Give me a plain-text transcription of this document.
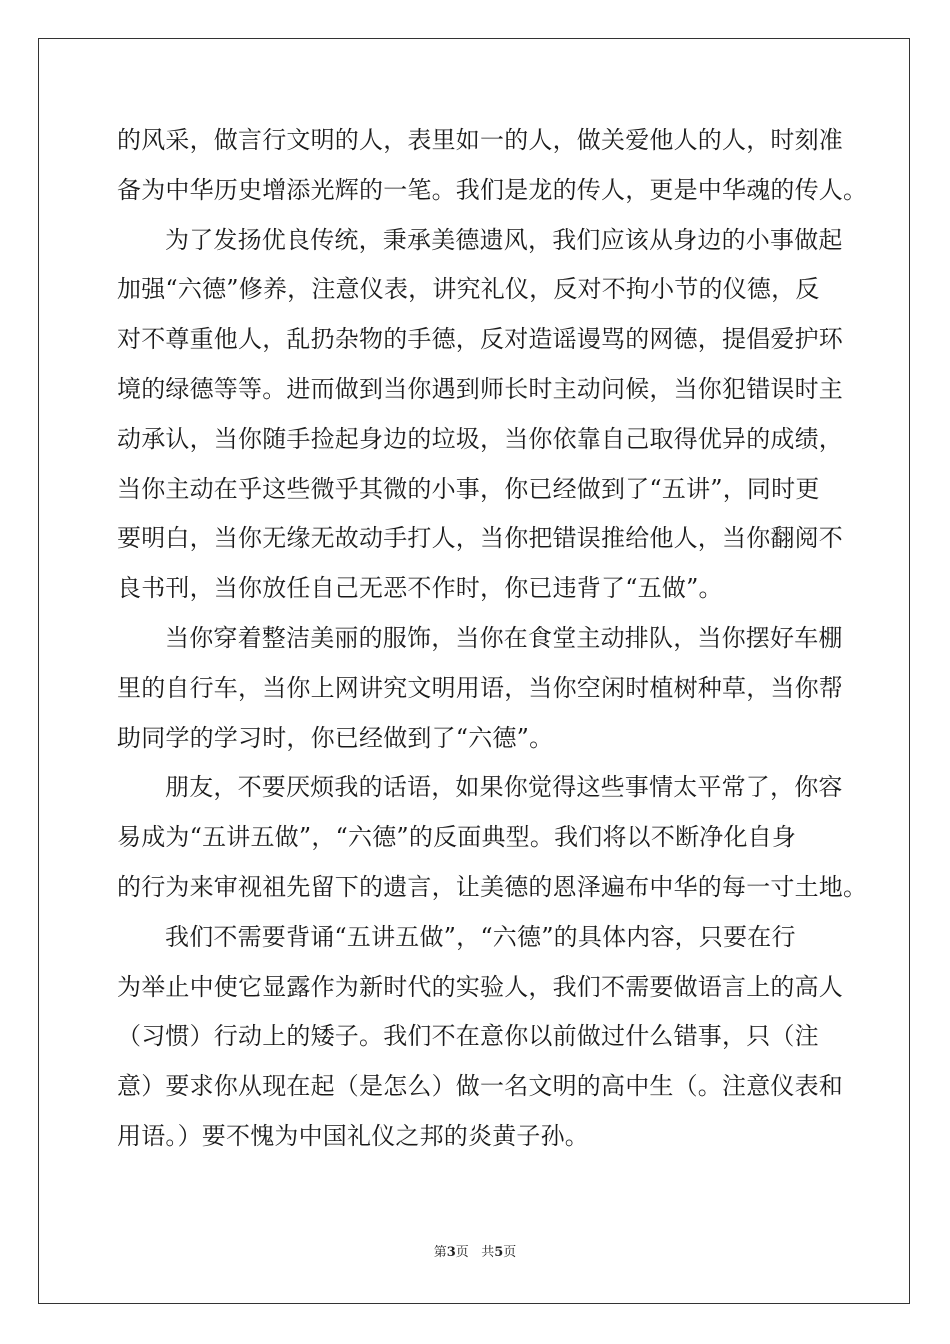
的风采，做言行文明的人，表里如一的人，做关爱他人的人，时刻准
备为中华历史增添光辉的一笔。我们是龙的传人，更是中华魂的传人。
为了发扬优良传统，秉承美德遗风，我们应该从身边的小事做起
加强“六德”修养，注意仪表，讲究礼仪，反对不拘小节的仪德，反
对不尊重他人，乱扔杂物的手德，反对造谣谩骂的网德，提倡爱护环
境的绿德等等。进而做到当你遇到师长时主动问候，当你犯错误时主
动承认，当你随手捡起身边的垃圾，当你依靠自己取得优异的成绩，
当你主动在乎这些微乎其微的小事，你已经做到了“五讲”，同时更
要明白，当你无缘无故动手打人，当你把错误推给他人，当你翻阅不
良书刊，当你放任自己无恶不作时，你已违背了“五做”。
当你穿着整洁美丽的服饰，当你在食堂主动排队，当你摆好车棚
里的自行车，当你上网讲究文明用语，当你空闲时植树种草，当你帮
助同学的学习时，你已经做到了“六德”。
朋友，不要厌烦我的话语，如果你觉得这些事情太平常了，你容
易成为“五讲五做”，“六德”的反面典型。我们将以不断净化自身
的行为来审视祖先留下的遗言，让美德的恩泽遍布中华的每一寸土地。
我们不需要背诵“五讲五做”，“六德”的具体内容，只要在行
为举止中使它显露作为新时代的实验人，我们不需要做语言上的高人
（习惯）行动上的矮子。我们不在意你以前做过什么错事，只（注
意）要求你从现在起（是怎么）做一名文明的高中生（。注意仪表和
用语。）要不愧为中国礼仪之邦的炎黄子孙。
第3页   共5页
